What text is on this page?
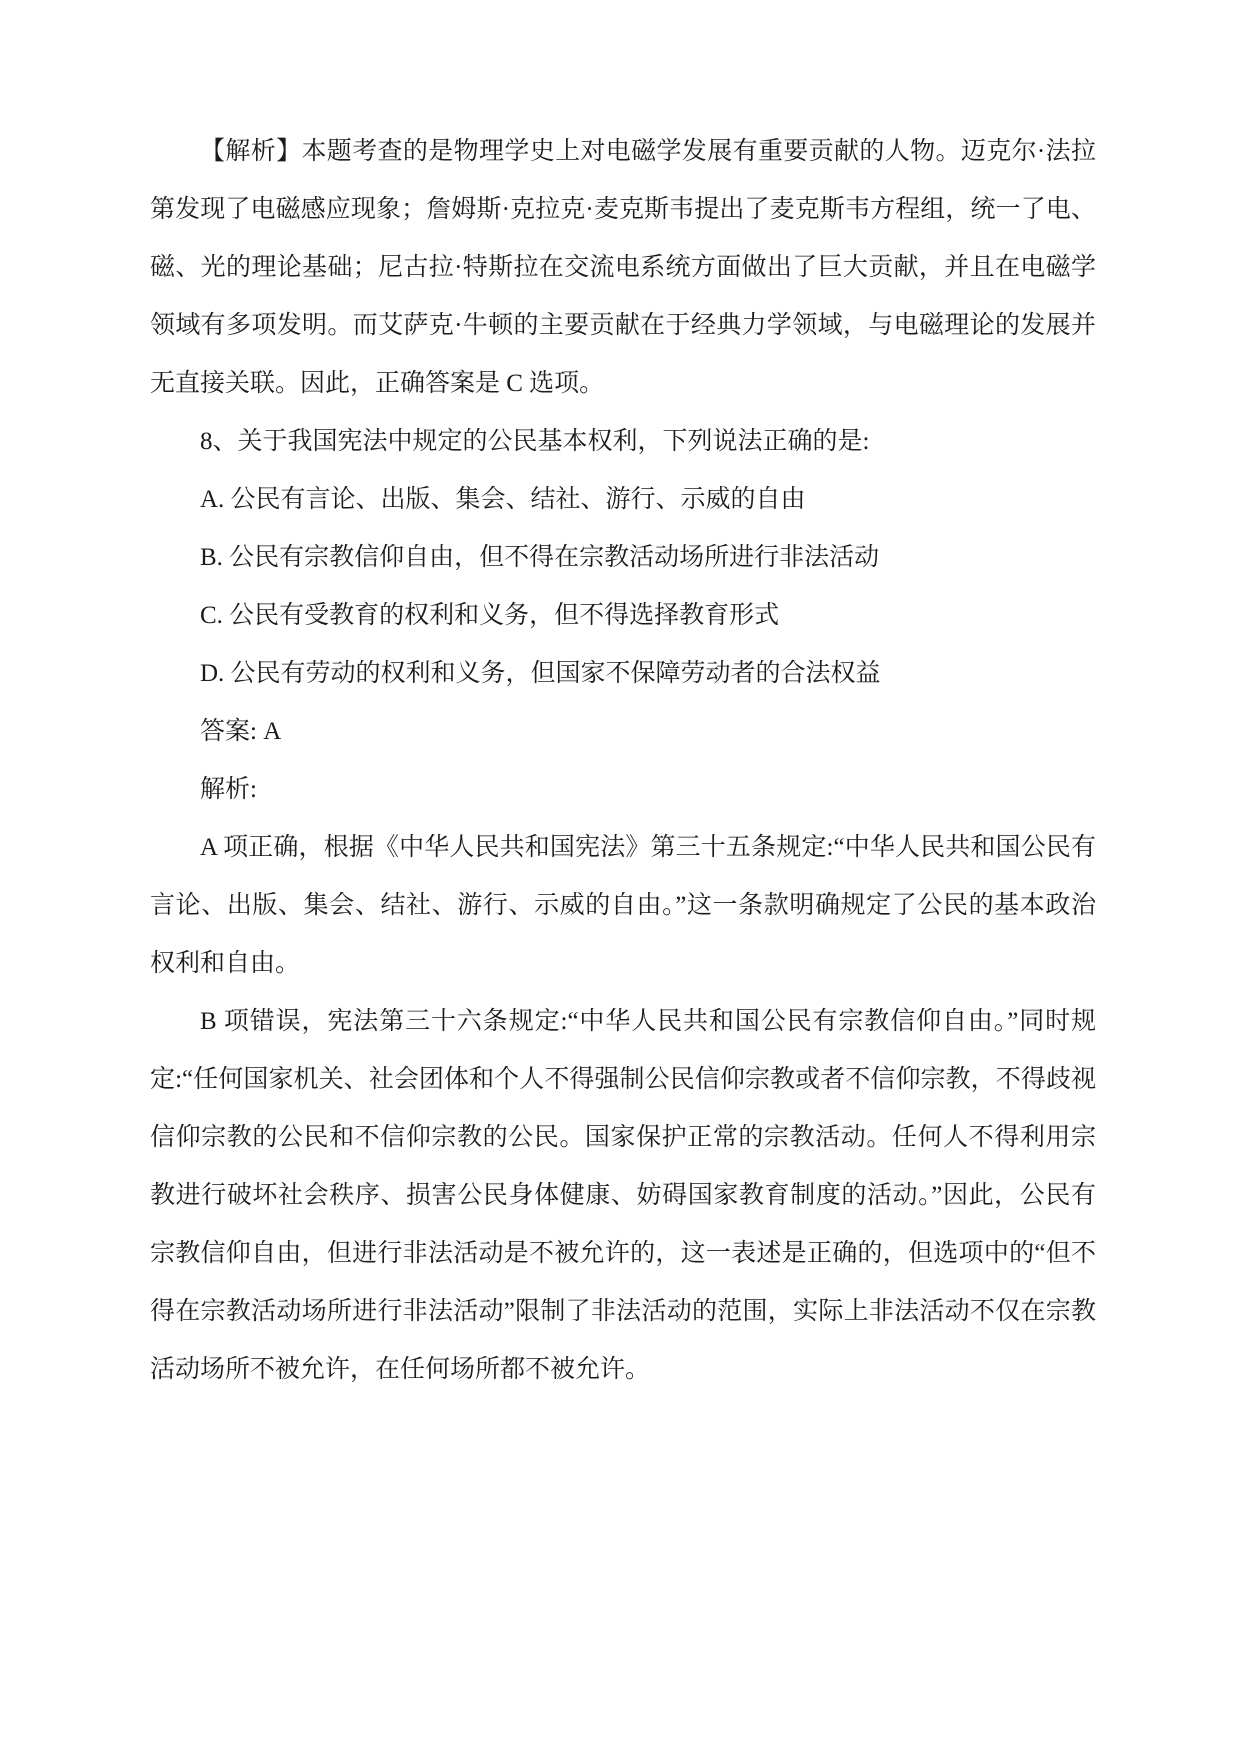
【解析】本题考查的是物理学史上对电磁学发展有重要贡献的人物。迈克尔·法拉第发现了电磁感应现象；詹姆斯·克拉克·麦克斯韦提出了麦克斯韦方程组，统一了电、磁、光的理论基础；尼古拉·特斯拉在交流电系统方面做出了巨大贡献，并且在电磁学领域有多项发明。而艾萨克·牛顿的主要贡献在于经典力学领域，与电磁理论的发展并无直接关联。因此，正确答案是 C 选项。

8、关于我国宪法中规定的公民基本权利，下列说法正确的是:

A. 公民有言论、出版、集会、结社、游行、示威的自由

B. 公民有宗教信仰自由，但不得在宗教活动场所进行非法活动

C. 公民有受教育的权利和义务，但不得选择教育形式

D. 公民有劳动的权利和义务，但国家不保障劳动者的合法权益

答案: A

解析:

A 项正确，根据《中华人民共和国宪法》第三十五条规定:“中华人民共和国公民有言论、出版、集会、结社、游行、示威的自由。”这一条款明确规定了公民的基本政治权利和自由。

B 项错误，宪法第三十六条规定:“中华人民共和国公民有宗教信仰自由。”同时规定:“任何国家机关、社会团体和个人不得强制公民信仰宗教或者不信仰宗教，不得歧视信仰宗教的公民和不信仰宗教的公民。国家保护正常的宗教活动。任何人不得利用宗教进行破坏社会秩序、损害公民身体健康、妨碍国家教育制度的活动。”因此，公民有宗教信仰自由，但进行非法活动是不被允许的，这一表述是正确的，但选项中的“但不得在宗教活动场所进行非法活动”限制了非法活动的范围，实际上非法活动不仅在宗教活动场所不被允许，在任何场所都不被允许。
